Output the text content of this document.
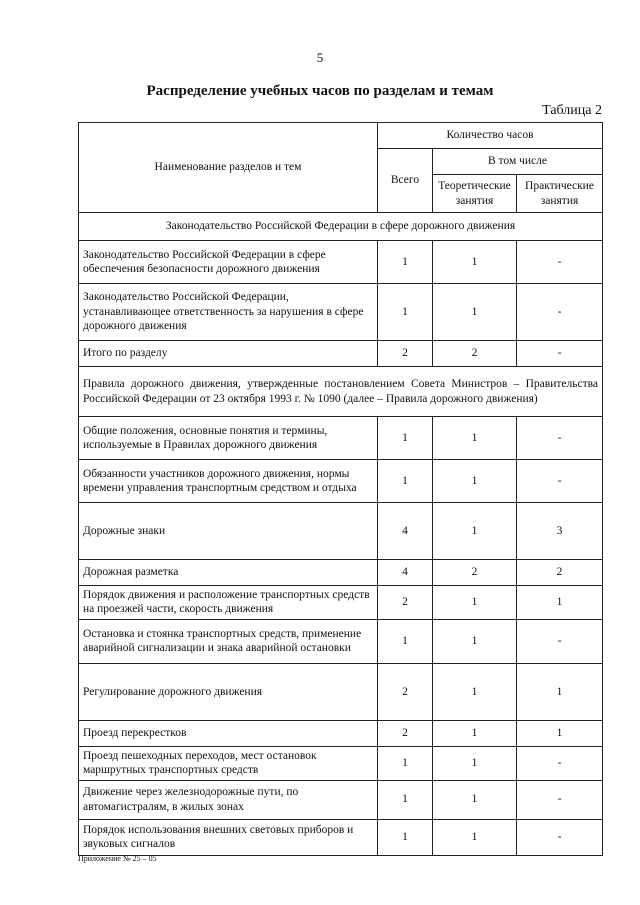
5
Распределение учебных часов по разделам и темам
Таблица 2
Наименование разделов и тем	Количество часов		
	Всего	В том числе	
		Теоретические занятия	Практические занятия
Законодательство Российской Федерации в сфере дорожного движения			
Законодательство Российской Федерации в сфере обеспечения безопасности дорожного движения	1	1	-
Законодательство Российской Федерации, устанавливающее ответственность за нарушения в сфере дорожного движения	1	1	-
Итого по разделу	2	2	-
Правила дорожного движения, утвержденные постановлением Совета Министров – Правительства Российской Федерации от 23 октября 1993 г. № 1090 (далее – Правила дорожного движения)			
Общие положения, основные понятия и термины, используемые в Правилах дорожного движения	1	1	-
Обязанности участников дорожного движения, нормы времени управления транспортным средством и отдыха	1	1	-
Дорожные знаки	4	1	3
Дорожная разметка	4	2	2
Порядок движения и расположение транспортных средств на проезжей части, скорость движения	2	1	1
Остановка и стоянка транспортных средств, применение аварийной сигнализации и знака аварийной остановки	1	1	-
Регулирование дорожного движения	2	1	1
Проезд перекрестков	2	1	1
Проезд пешеходных переходов, мест остановок маршрутных транспортных средств	1	1	-
Движение через железнодорожные пути, по автомагистралям, в жилых зонах	1	1	-
Порядок использования внешних световых приборов и звуковых сигналов	1	1	-
Приложение № 25 – 05
